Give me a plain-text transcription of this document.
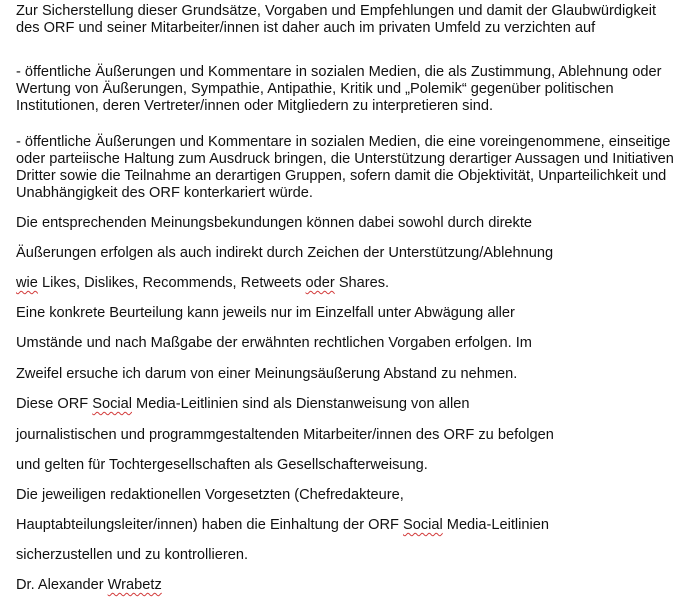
Zur Sicherstellung dieser Grundsätze, Vorgaben und Empfehlungen und damit der Glaubwürdigkeit
des ORF und seiner Mitarbeiter/innen ist daher auch im privaten Umfeld zu verzichten auf

- öffentliche Äußerungen und Kommentare in sozialen Medien, die als Zustimmung, Ablehnung oder
Wertung von Äußerungen, Sympathie, Antipathie, Kritik und „Polemik“ gegenüber politischen
Institutionen, deren Vertreter/innen oder Mitgliedern zu interpretieren sind.

- öffentliche Äußerungen und Kommentare in sozialen Medien, die eine voreingenommene, einseitige
oder parteiische Haltung zum Ausdruck bringen, die Unterstützung derartiger Aussagen und Initiativen
Dritter sowie die Teilnahme an derartigen Gruppen, sofern damit die Objektivität, Unparteilichkeit und
Unabhängigkeit des ORF konterkariert würde.

Die entsprechenden Meinungsbekundungen können dabei sowohl durch direkte

Äußerungen erfolgen als auch indirekt durch Zeichen der Unterstützung/Ablehnung

wie Likes, Dislikes, Recommends, Retweets oder Shares.

Eine konkrete Beurteilung kann jeweils nur im Einzelfall unter Abwägung aller

Umstände und nach Maßgabe der erwähnten rechtlichen Vorgaben erfolgen. Im

Zweifel ersuche ich darum von einer Meinungsäußerung Abstand zu nehmen.

Diese ORF Social Media-Leitlinien sind als Dienstanweisung von allen

journalistischen und programmgestaltenden Mitarbeiter/innen des ORF zu befolgen

und gelten für Tochtergesellschaften als Gesellschafterweisung.

Die jeweiligen redaktionellen Vorgesetzten (Chefredakteure,

Hauptabteilungsleiter/innen) haben die Einhaltung der ORF Social Media-Leitlinien

sicherzustellen und zu kontrollieren.

Dr. Alexander Wrabetz
